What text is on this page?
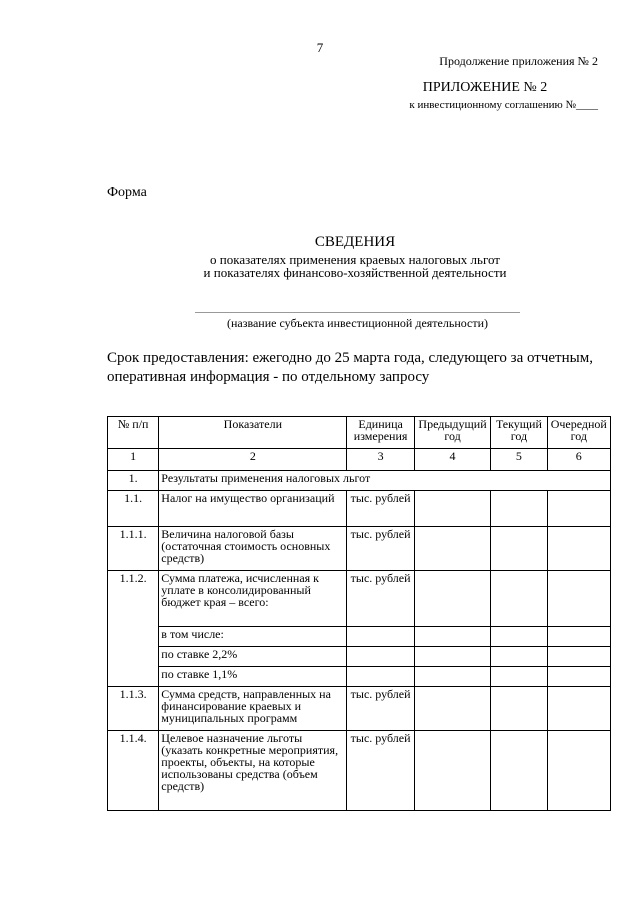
7
Продолжение приложения № 2
ПРИЛОЖЕНИЕ № 2
к инвестиционному соглашению №____
Форма
СВЕДЕНИЯ
о показателях применения краевых налоговых льгот
и показателях финансово-хозяйственной деятельности
(название субъекта инвестиционной деятельности)
Срок предоставления: ежегодно до 25 марта года, следующего за отчетным, оперативная информация - по отдельному запросу
№ п/п	Показатели	Единица измерения	Предыдущий год	Текущий год	Очередной год
1	2	3	4	5	6
1.	Результаты применения налоговых льгот				
1.1.	Налог на имущество организаций	тыс. рублей			
1.1.1.	Величина налоговой базы (остаточная стоимость основных средств)	тыс. рублей			
1.1.2.	Сумма платежа, исчисленная к уплате в консолидированный бюджет края – всего:	тыс. рублей			
	в том числе:				
	по ставке 2,2%				
	по ставке 1,1%				
1.1.3.	Сумма средств, направленных на финансирование краевых и муниципальных программ	тыс. рублей			
1.1.4.	Целевое назначение льготы (указать конкретные мероприятия, проекты, объекты, на которые использованы средства (объем средств)	тыс. рублей			
